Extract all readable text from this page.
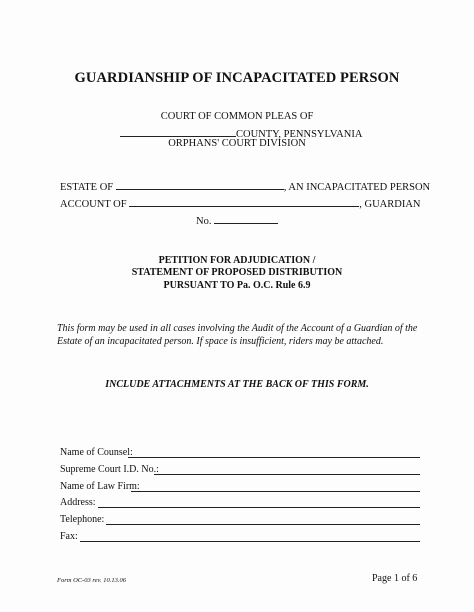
GUARDIANSHIP OF INCAPACITATED PERSON
COURT OF COMMON PLEAS OF
COUNTY, PENNSYLVANIA
ORPHANS' COURT DIVISION
ESTATE OF	, AN INCAPACITATED PERSON
ACCOUNT OF	, GUARDIAN
No.
PETITION FOR ADJUDICATION /
STATEMENT OF PROPOSED DISTRIBUTION
PURSUANT TO Pa. O.C. Rule 6.9
This form may be used in all cases involving the Audit of the Account of a Guardian of the Estate of an incapacitated person. If space is insufficient, riders may be attached.
INCLUDE ATTACHMENTS AT THE BACK OF THIS FORM.
Name of Counsel:
Supreme Court I.D. No.:
Name of Law Firm:
Address:
Telephone:
Fax:
Form OC-03 rev. 10.13.06	Page 1 of 6
